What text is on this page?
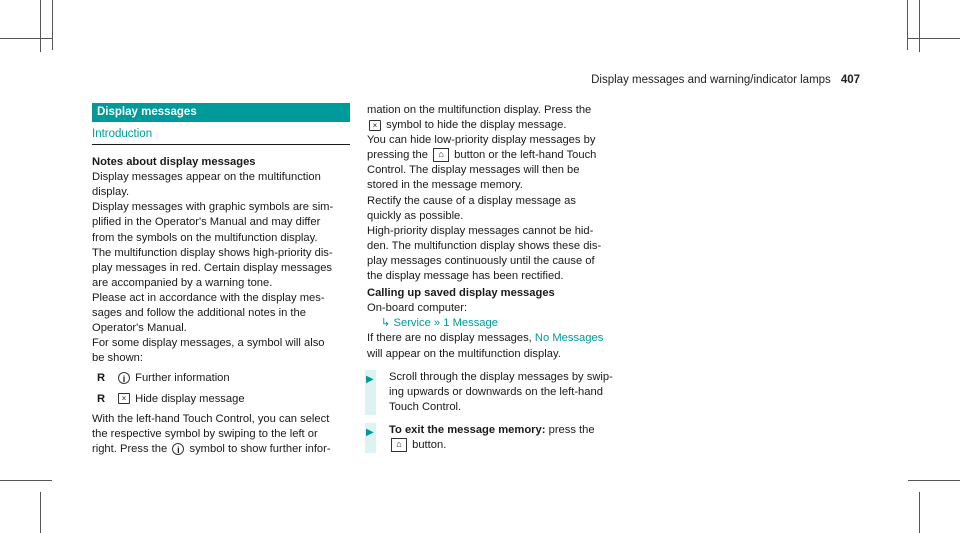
Display messages and warning/indicator lamps 407
Display messages
Introduction

Notes about display messages

Display messages appear on the multifunction

display.

Display messages with graphic symbols are sim-

plified in the Operator's Manual and may differ

from the symbols on the multifunction display.

The multifunction display shows high-priority dis-

play messages in red. Certain display messages

are accompanied by a warning tone.

Please act in accordance with the display mes-

sages and follow the additional notes in the

Operator's Manual.

For some display messages, a symbol will also

be shown:

R i Further information
R × Hide display message

With the left-hand Touch Control, you can select

the respective symbol by swiping to the left or

right. Press the i symbol to show further infor-

mation on the multifunction display. Press the

× symbol to hide the display message.

You can hide low-priority display messages by

pressing the ⌂ button or the left-hand Touch

Control. The display messages will then be

stored in the message memory.

Rectify the cause of a display message as

quickly as possible.

High-priority display messages cannot be hid-

den. The multifunction display shows these dis-

play messages continuously until the cause of

the display message has been rectified.

Calling up saved display messages

On-board computer:

↳ Service » 1 Message

If there are no display messages, No Messages

will appear on the multifunction display.

▶ Scroll through the display messages by swip-

ing upwards or downwards on the left-hand

Touch Control.

▶ To exit the message memory: press the

⌂ button.
